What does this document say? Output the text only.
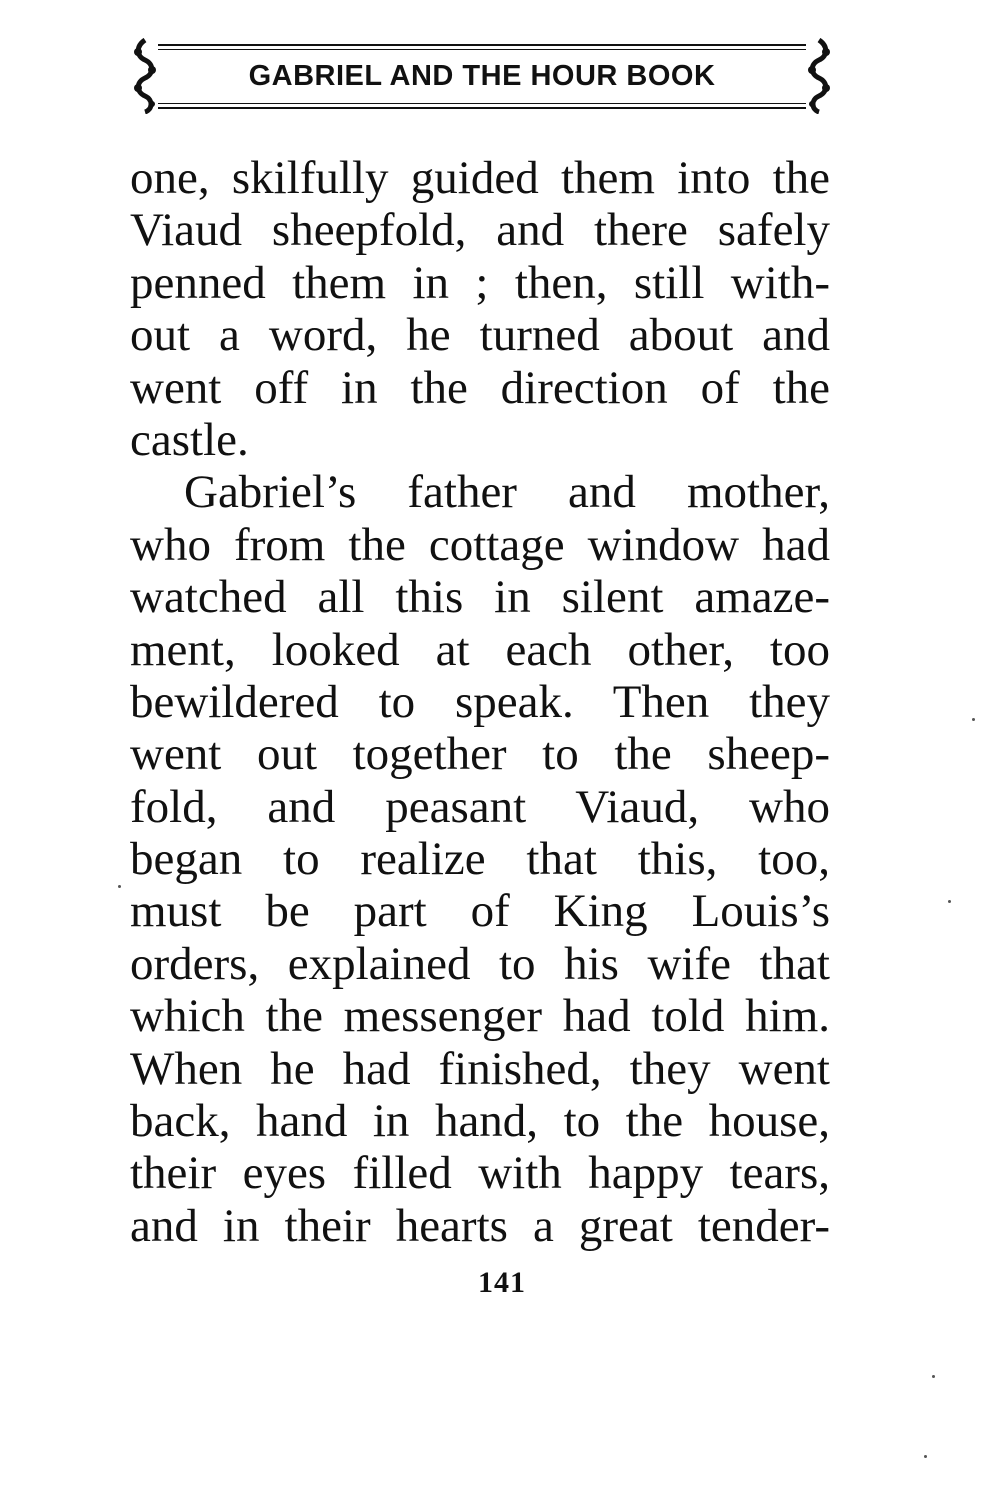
GABRIEL AND THE HOUR BOOK
one, skilfully guided them into the
Viaud sheepfold, and there safely
penned them in ; then, still with-
out a word, he turned about and
went off in the direction of the
castle.
Gabriel’s father and mother,
who from the cottage window had
watched all this in silent amaze-
ment, looked at each other, too
bewildered to speak. Then they
went out together to the sheep-
fold, and peasant Viaud, who
began to realize that this, too,
must be part of King Louis’s
orders, explained to his wife that
which the messenger had told him.
When he had finished, they went
back, hand in hand, to the house,
their eyes filled with happy tears,
and in their hearts a great tender-
141
